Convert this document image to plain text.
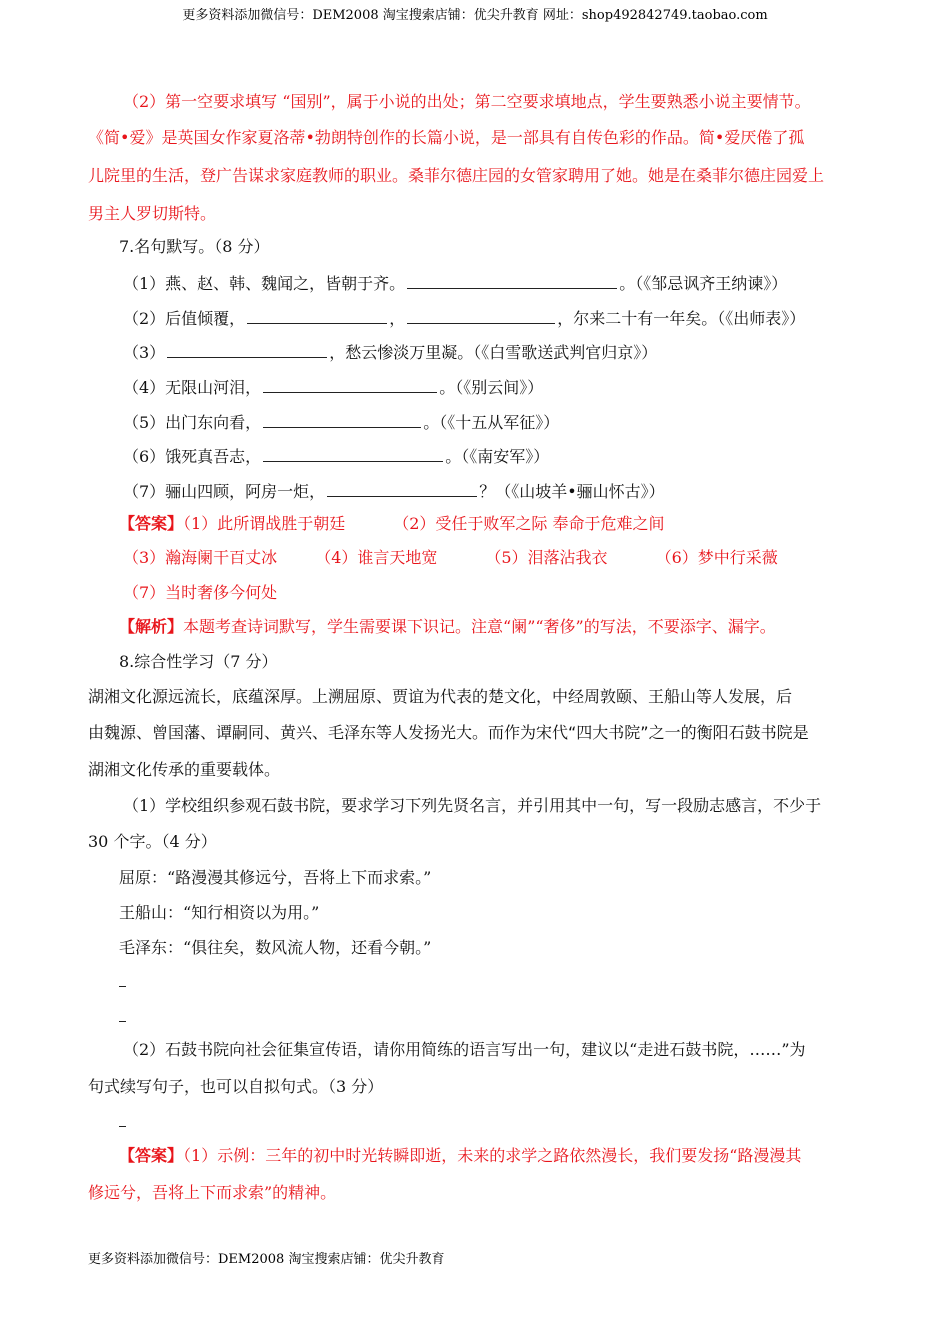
更多资料添加微信号：DEM2008 淘宝搜索店铺：优尖升教育 网址：shop492842749.taobao.com
（2）第一空要求填写 “国别”，属于小说的出处；第二空要求填地点，学生要熟悉小说主要情节。
《简•爱》是英国女作家夏洛蒂•勃朗特创作的长篇小说，是一部具有自传色彩的作品。简•爱厌倦了孤
儿院里的生活，登广告谋求家庭教师的职业。桑菲尔德庄园的女管家聘用了她。她是在桑菲尔德庄园爱上
男主人罗切斯特。
7.名句默写。（8 分）
（1）燕、赵、韩、魏闻之，皆朝于齐。	。（《邹忌讽齐王纳谏》）
（2）后值倾覆，	，	，尔来二十有一年矣。（《出师表》）
（3）	，愁云惨淡万里凝。（《白雪歌送武判官归京》）
（4）无限山河泪，	。（《别云间》）
（5）出门东向看，	。（《十五从军征》）
（6）饿死真吾志，	。（《南安军》）
（7）骊山四顾，阿房一炬，	？（《山坡羊•骊山怀古》）
【答案】（1）此所谓战胜于朝廷	（2）受任于败军之际 奉命于危难之间
（3）瀚海阑干百丈冰 （4）谁言天地宽	（5）泪落沾我衣	（6）梦中行采薇
（7）当时奢侈今何处
【解析】本题考查诗词默写，学生需要课下识记。注意“阑”“奢侈”的写法，不要添字、漏字。
8.综合性学习（7 分）
湖湘文化源远流长，底蕴深厚。上溯屈原、贾谊为代表的楚文化，中经周敦颐、王船山等人发展，后
由魏源、曾国藩、谭嗣同、黄兴、毛泽东等人发扬光大。而作为宋代“四大书院”之一的衡阳石鼓书院是
湖湘文化传承的重要载体。
（1）学校组织参观石鼓书院，要求学习下列先贤名言，并引用其中一句，写一段励志感言，不少于
30 个字。（4 分）
屈原：“路漫漫其修远兮，吾将上下而求索。”
王船山：“知行相资以为用。”
毛泽东：“俱往矣，数风流人物，还看今朝。”
（2）石鼓书院向社会征集宣传语，请你用简练的语言写出一句，建议以“走进石鼓书院，……”为
句式续写句子，也可以自拟句式。（3 分）
【答案】（1）示例：三年的初中时光转瞬即逝，未来的求学之路依然漫长，我们要发扬“路漫漫其
修远兮，吾将上下而求索”的精神。
更多资料添加微信号：DEM2008 淘宝搜索店铺：优尖升教育
